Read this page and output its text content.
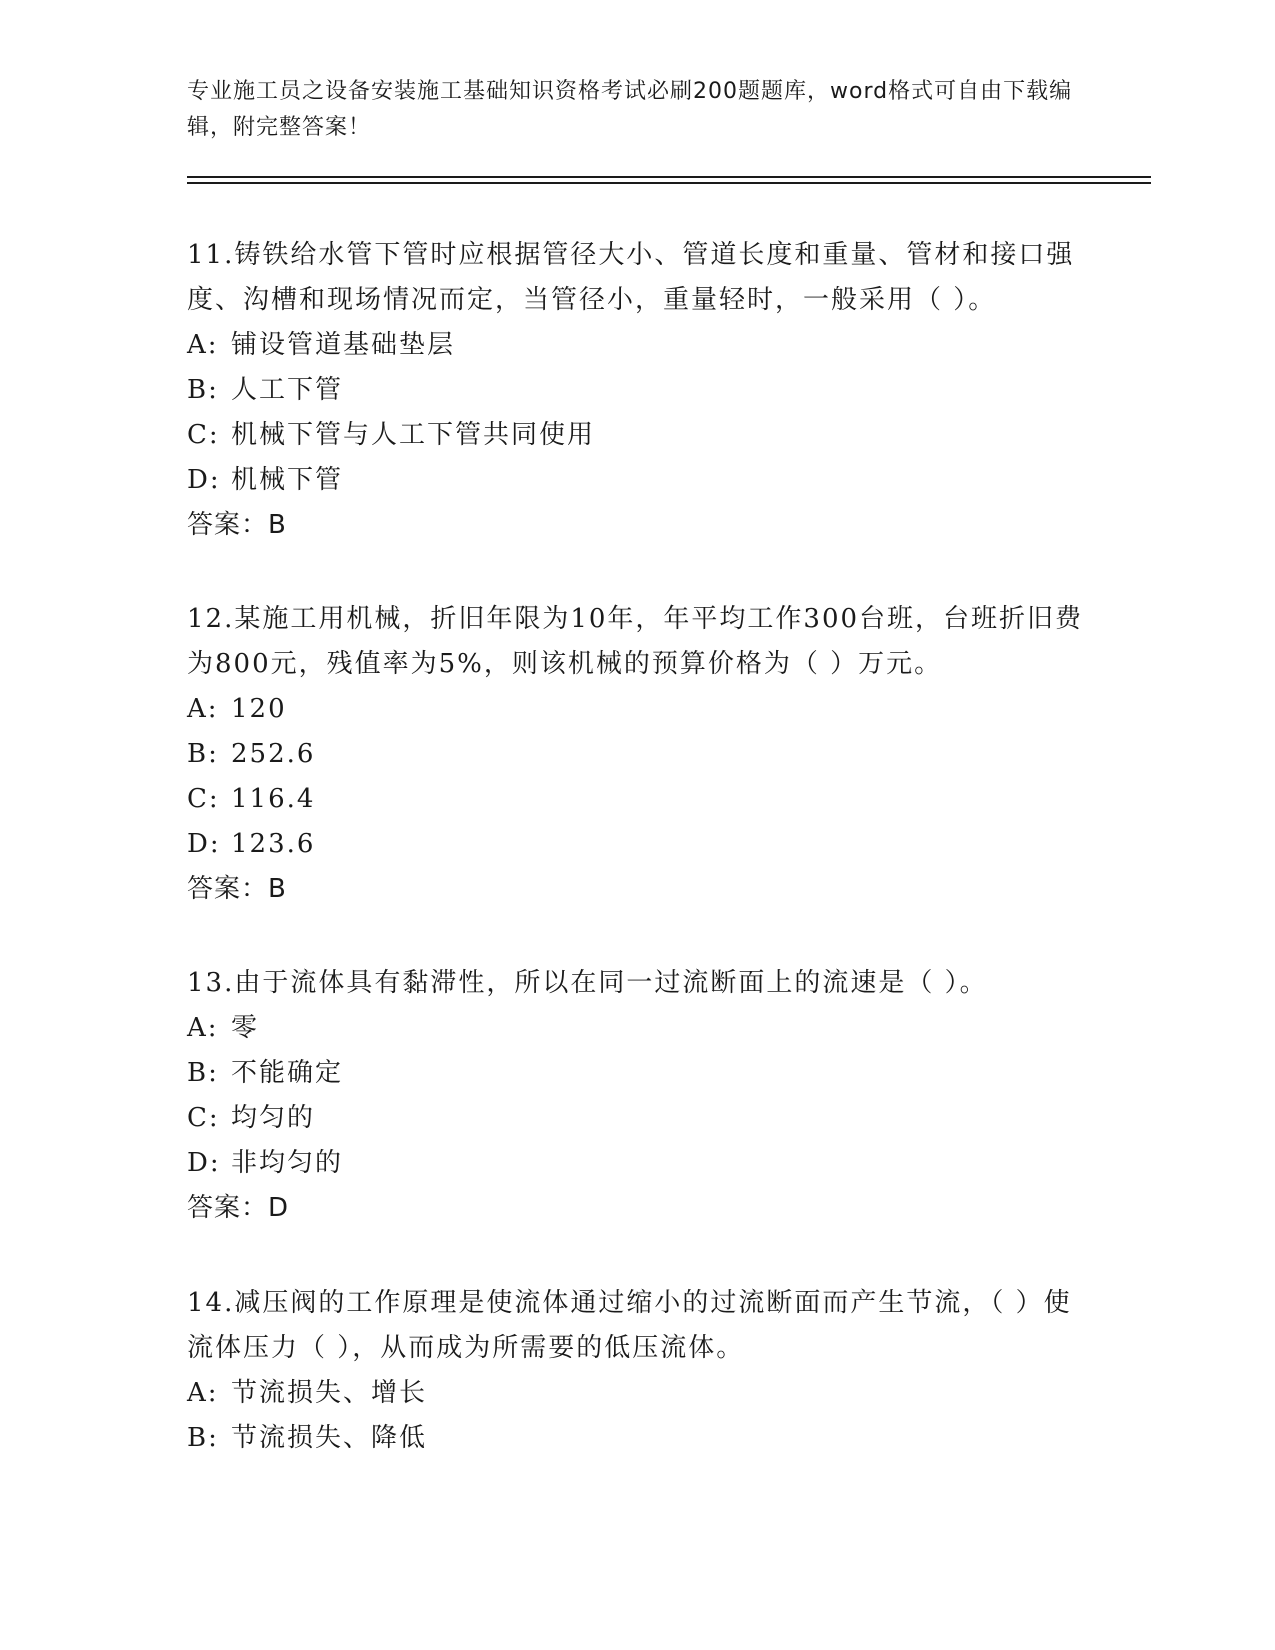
专业施工员之设备安装施工基础知识资格考试必刷200题题库，word格式可自由下载编辑，附完整答案！

11.铸铁给水管下管时应根据管径大小、管道长度和重量、管材和接口强度、沟槽和现场情况而定，当管径小，重量轻时，一般采用（ ）。

A: 铺设管道基础垫层

B: 人工下管

C: 机械下管与人工下管共同使用

D: 机械下管

答案：B

12.某施工用机械，折旧年限为10年，年平均工作300台班，台班折旧费为800元，残值率为5%，则该机械的预算价格为（ ）万元。

A: 120

B: 252.6

C: 116.4

D: 123.6

答案：B

13.由于流体具有黏滞性，所以在同一过流断面上的流速是（ ）。

A: 零

B: 不能确定

C: 均匀的

D: 非均匀的

答案：D

14.减压阀的工作原理是使流体通过缩小的过流断面而产生节流，（ ）使流体压力（ ），从而成为所需要的低压流体。

A: 节流损失、增长

B: 节流损失、降低
